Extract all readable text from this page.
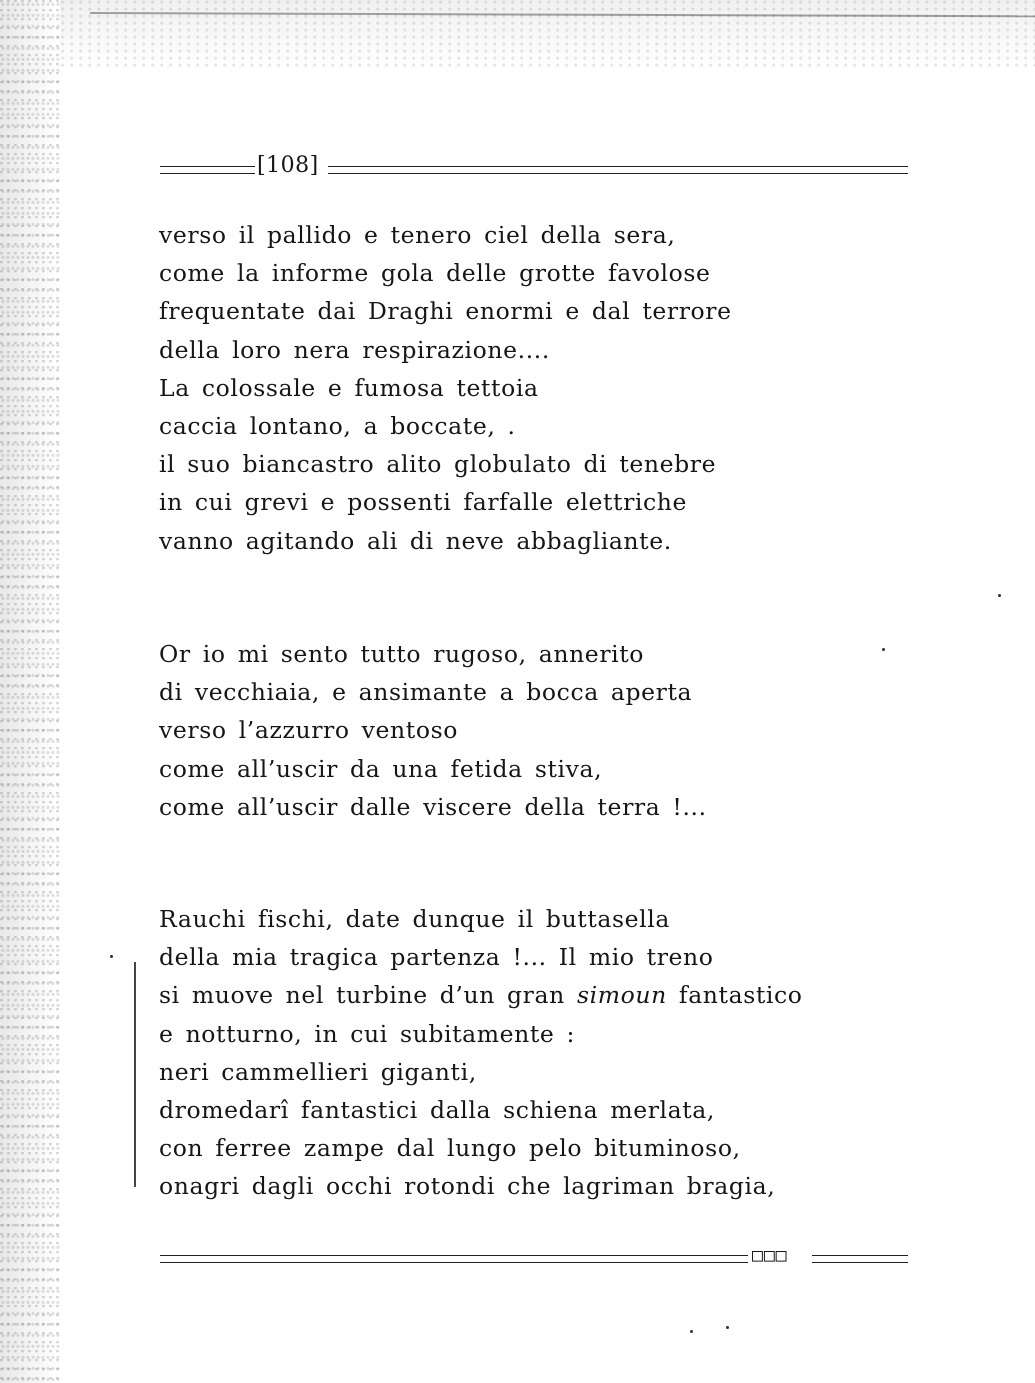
[108]
verso il pallido e tenero ciel della sera,
come la informe gola delle grotte favolose
frequentate dai Draghi enormi e dal terrore
della loro nera respirazione....
La colossale e fumosa tettoia
caccia lontano, a boccate, .
il suo biancastro alito globulato di tenebre
in cui grevi e possenti farfalle elettriche
vanno agitando ali di neve abbagliante.
Or io mi sento tutto rugoso, annerito
di vecchiaia, e ansimante a bocca aperta
verso l’azzurro ventoso
come all’uscir da una fetida stiva,
come all’uscir dalle viscere della terra !...
Rauchi fischi, date dunque il buttasella
della mia tragica partenza !... Il mio treno
si muove nel turbine d’un gran simoun fantastico
e notturno, in cui subitamente :
neri cammellieri giganti,
dromedarî fantastici dalla schiena merlata,
con ferree zampe dal lungo pelo bituminoso,
onagri dagli occhi rotondi che lagriman bragia,
□□□
